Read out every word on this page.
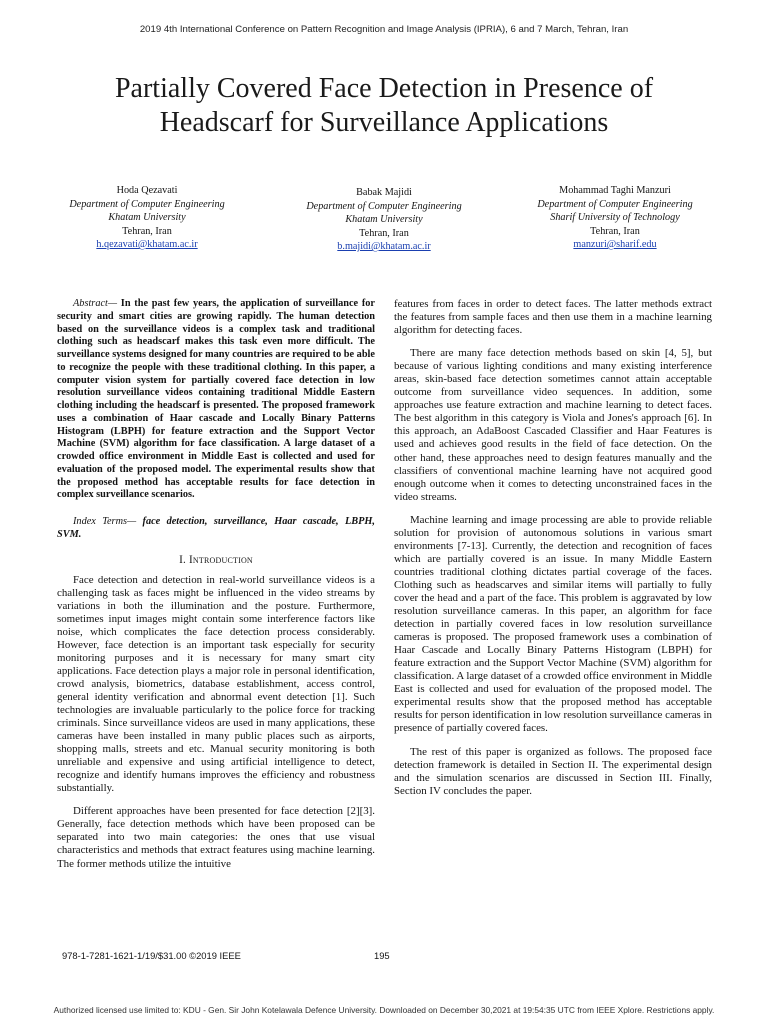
2019 4th International Conference on Pattern Recognition and Image Analysis (IPRIA), 6 and 7 March, Tehran, Iran
Partially Covered Face Detection in Presence of
Headscarf for Surveillance Applications
Hoda Qezavati
Department of Computer Engineering
Khatam University
Tehran, Iran
h.qezavati@khatam.ac.ir
Babak Majidi
Department of Computer Engineering
Khatam University
Tehran, Iran
b.majidi@khatam.ac.ir
Mohammad Taghi Manzuri
Department of Computer Engineering
Sharif University of Technology
Tehran, Iran
manzuri@sharif.edu

Abstract— In the past few years, the application of surveillance for security and smart cities are growing rapidly. The human detection based on the surveillance videos is a complex task and traditional clothing such as headscarf makes this task even more difficult. The surveillance systems designed for many countries are required to be able to recognize the people with these traditional clothing. In this paper, a computer vision system for partially covered face detection in low resolution surveillance videos containing traditional Middle Eastern clothing including the headscarf is presented. The proposed framework uses a combination of Haar cascade and Locally Binary Patterns Histogram (LBPH) for feature extraction and the Support Vector Machine (SVM) algorithm for face classification. A large dataset of a crowded office environment in Middle East is collected and used for evaluation of the proposed model. The experimental results show that the proposed method has acceptable results for face detection in complex surveillance scenarios.

Index Terms— face detection, surveillance, Haar cascade, LBPH, SVM.

I. Introduction

Face detection and detection in real-world surveillance videos is a challenging task as faces might be influenced in the video streams by variations in both the illumination and the posture. Furthermore, sometimes input images might contain some interference factors like noise, which complicates the face detection process considerably. However, face detection is an important task especially for security monitoring purposes and it is necessary for many smart city applications. Face detection plays a major role in personal identification, crowd analysis, biometrics, database establishment, access control, general identity verification and abnormal event detection [1]. Such technologies are invaluable particularly to the police force for tracking criminals. Since surveillance videos are used in many applications, these cameras have been installed in many public places such as airports, shopping malls, streets and etc. Manual security monitoring is both unreliable and expensive and using artificial intelligence to detect, recognize and identify humans improves the efficiency and robustness substantially.

Different approaches have been presented for face detection [2][3]. Generally, face detection methods which have been proposed can be separated into two main categories: the ones that use visual characteristics and methods that extract features using machine learning. The former methods utilize the intuitive

features from faces in order to detect faces. The latter methods extract the features from sample faces and then use them in a machine learning algorithm for detecting faces.

There are many face detection methods based on skin [4, 5], but because of various lighting conditions and many existing interference areas, skin-based face detection sometimes cannot attain acceptable outcome from surveillance video sequences. In addition, some approaches use feature extraction and machine learning to detect faces. The best algorithm in this category is Viola and Jones's approach [6]. In this approach, an AdaBoost Cascaded Classifier and Haar Features is used and achieves good results in the field of face detection. On the other hand, these approaches need to design features manually and the classifiers of conventional machine learning have not acquired good enough outcome when it comes to detecting unconstrained faces in the video streams.

Machine learning and image processing are able to provide reliable solution for provision of autonomous solutions in various smart environments [7-13]. Currently, the detection and recognition of faces which are partially covered is an issue. In many Middle Eastern countries traditional clothing dictates partial coverage of the faces. Clothing such as headscarves and similar items will partially to fully cover the head and a part of the face. This problem is aggravated by low resolution surveillance cameras. In this paper, an algorithm for face detection in partially covered faces in low resolution surveillance cameras is proposed. The proposed framework uses a combination of Haar Cascade and Locally Binary Patterns Histogram (LBPH) for feature extraction and the Support Vector Machine (SVM) algorithm for classification. A large dataset of a crowded office environment in Middle East is collected and used for evaluation of the proposed model. The experimental results show that the proposed method has acceptable results for person identification in low resolution surveillance cameras in presence of partially covered faces.

The rest of this paper is organized as follows. The proposed face detection framework is detailed in Section II. The experimental design and the simulation scenarios are discussed in Section III. Finally, Section IV concludes the paper.

978-1-7281-1621-1/19/$31.00 ©2019 IEEE	195
Authorized licensed use limited to: KDU - Gen. Sir John Kotelawala Defence University. Downloaded on December 30,2021 at 19:54:35 UTC from IEEE Xplore. Restrictions apply.
